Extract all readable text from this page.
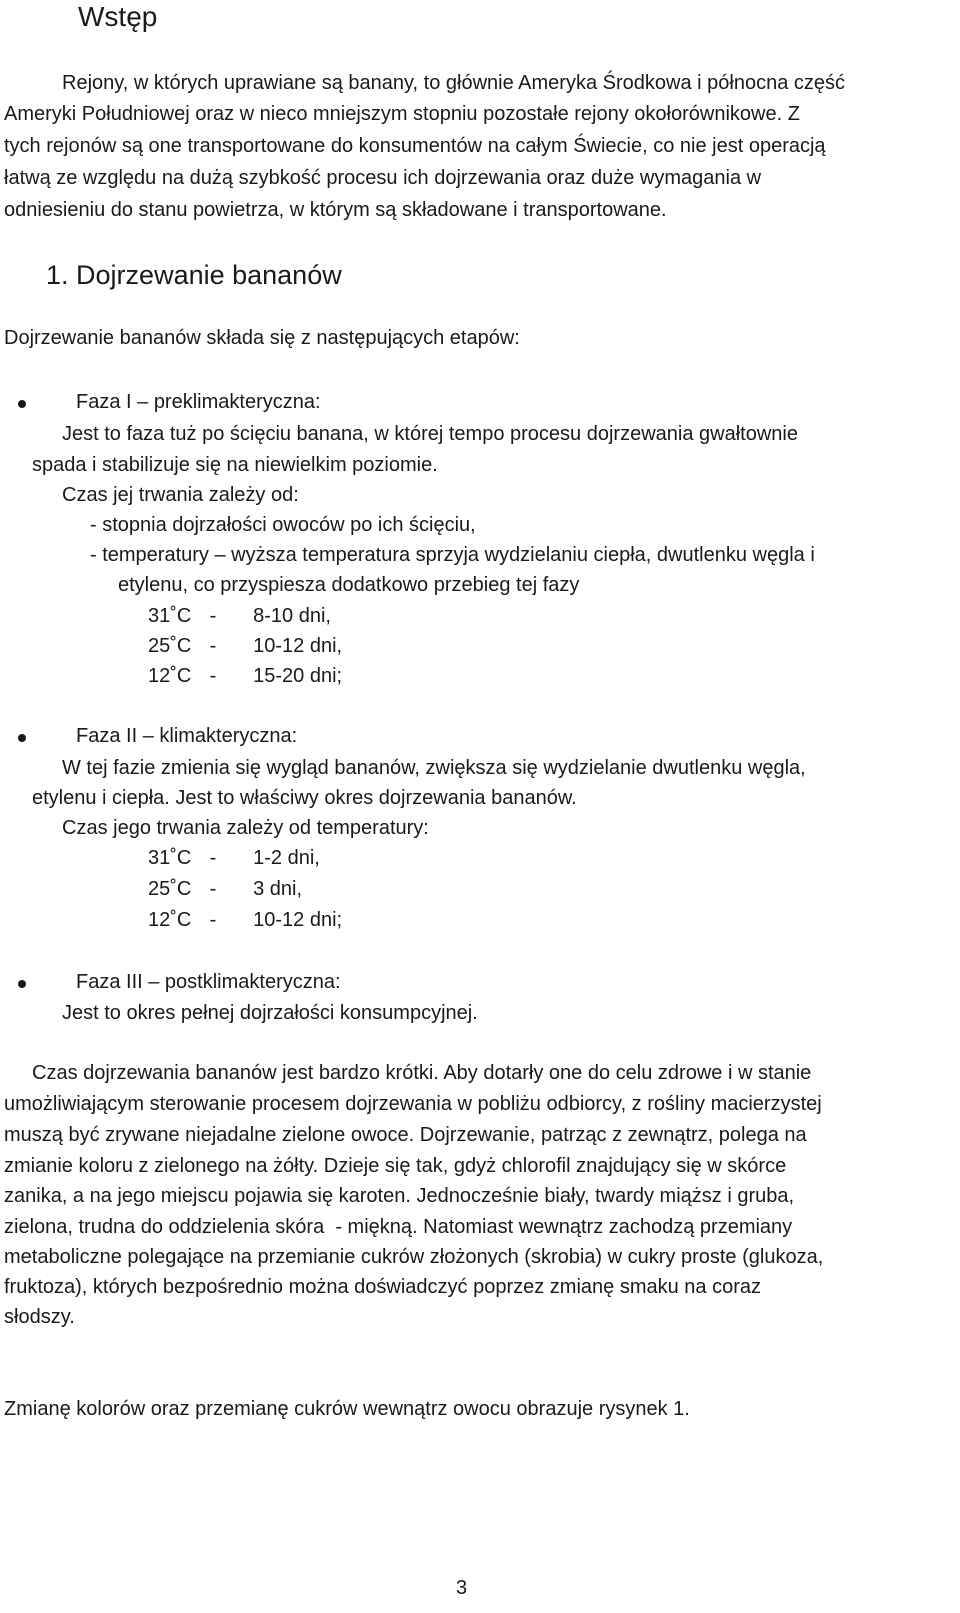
Wstęp
Rejony, w których uprawiane są banany, to głównie Ameryka Środkowa i północna część
Ameryki Południowej oraz w nieco mniejszym stopniu pozostałe rejony okołorównikowe. Z
tych rejonów są one transportowane do konsumentów na całym Świecie, co nie jest operacją
łatwą ze względu na dużą szybkość procesu ich dojrzewania oraz duże wymagania w
odniesieniu do stanu powietrza, w którym są składowane i transportowane.
1. Dojrzewanie bananów
Dojrzewanie bananów składa się z następujących etapów:
Faza I – preklimakteryczna:
Jest to faza tuż po ścięciu banana, w której tempo procesu dojrzewania gwałtownie
spada i stabilizuje się na niewielkim poziomie.
Czas jej trwania zależy od:
- stopnia dojrzałości owoców po ich ścięciu,
- temperatury – wyższa temperatura sprzyja wydzielaniu ciepła, dwutlenku węgla i
etylenu, co przyspiesza dodatkowo przebieg tej fazy
31˚C - 8-10 dni,
25˚C - 10-12 dni,
12˚C - 15-20 dni;
Faza II – klimakteryczna:
W tej fazie zmienia się wygląd bananów, zwiększa się wydzielanie dwutlenku węgla,
etylenu i ciepła. Jest to właściwy okres dojrzewania bananów.
Czas jego trwania zależy od temperatury:
31˚C - 1-2 dni,
25˚C - 3 dni,
12˚C - 10-12 dni;
Faza III – postklimakteryczna:
Jest to okres pełnej dojrzałości konsumpcyjnej.
Czas dojrzewania bananów jest bardzo krótki. Aby dotarły one do celu zdrowe i w stanie
umożliwiającym sterowanie procesem dojrzewania w pobliżu odbiorcy, z rośliny macierzystej
muszą być zrywane niejadalne zielone owoce. Dojrzewanie, patrząc z zewnątrz, polega na
zmianie koloru z zielonego na żółty. Dzieje się tak, gdyż chlorofil znajdujący się w skórce
zanika, a na jego miejscu pojawia się karoten. Jednocześnie biały, twardy miąższ i gruba,
zielona, trudna do oddzielenia skóra  - miękną. Natomiast wewnątrz zachodzą przemiany
metaboliczne polegające na przemianie cukrów złożonych (skrobia) w cukry proste (glukoza,
fruktoza), których bezpośrednio można doświadczyć poprzez zmianę smaku na coraz
słodszy.
Zmianę kolorów oraz przemianę cukrów wewnątrz owocu obrazuje rysynek 1.
3
